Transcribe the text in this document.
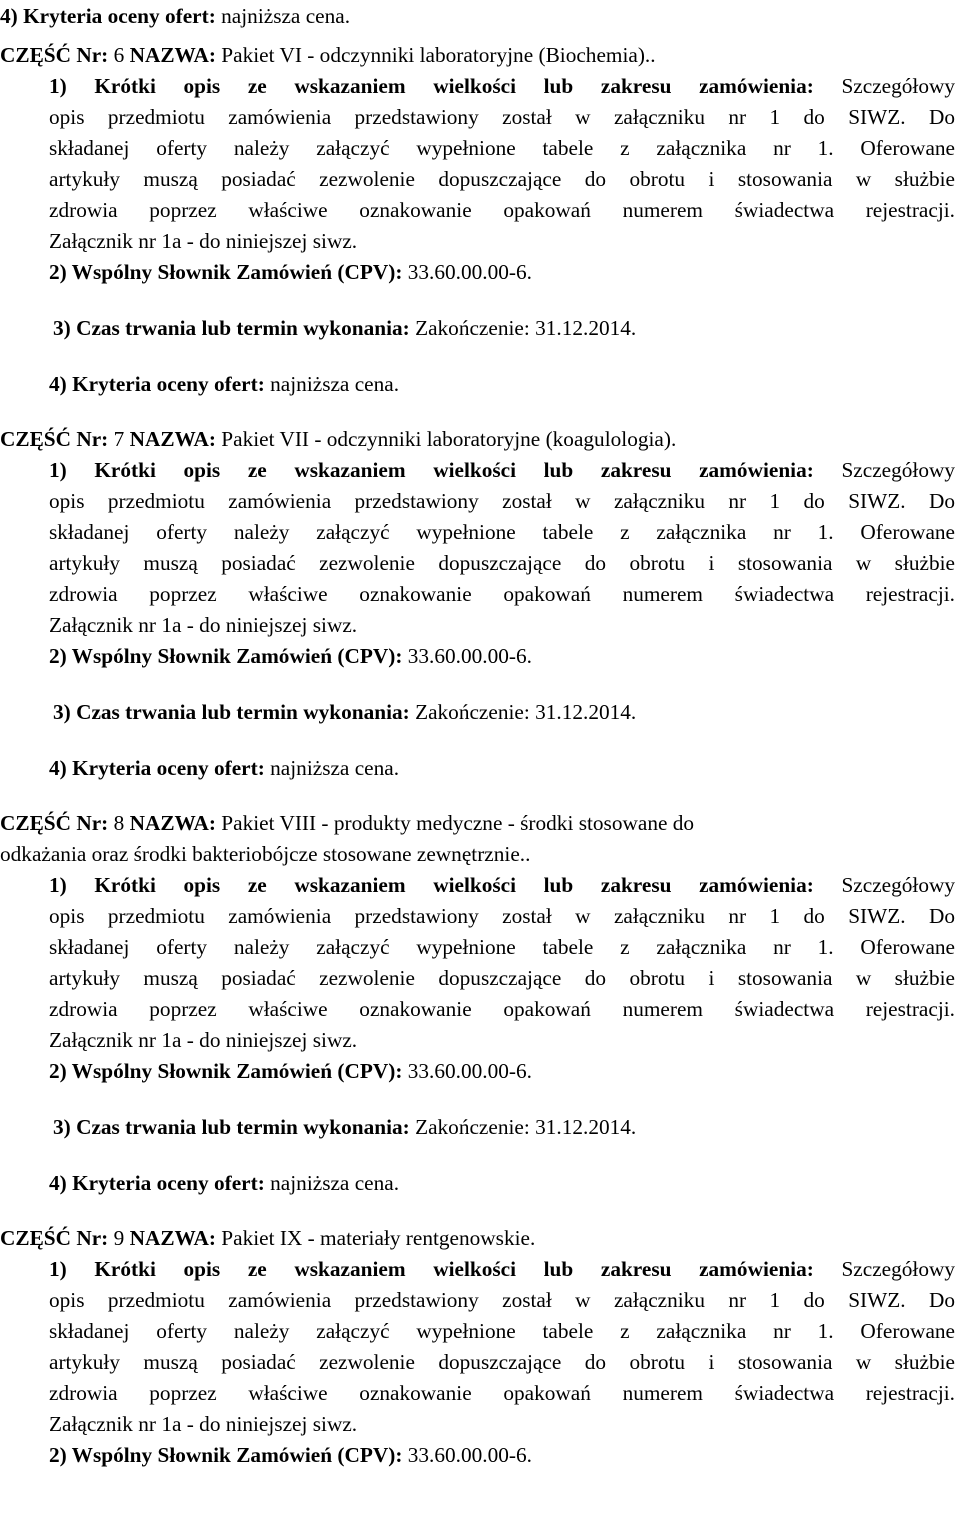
4) Kryteria oceny ofert: najniższa cena.
CZĘŚĆ Nr: 6 NAZWA: Pakiet VI - odczynniki laboratoryjne (Biochemia)..
1) Krótki opis ze wskazaniem wielkości lub zakresu zamówienia: Szczegółowy
opis przedmiotu zamówienia przedstawiony został w załączniku nr 1 do SIWZ. Do
składanej oferty należy załączyć wypełnione tabele z załącznika nr 1. Oferowane
artykuły muszą posiadać zezwolenie dopuszczające do obrotu i stosowania w służbie
zdrowia poprzez właściwe oznakowanie opakowań numerem świadectwa rejestracji.
Załącznik nr 1a - do niniejszej siwz.
2) Wspólny Słownik Zamówień (CPV): 33.60.00.00-6.
3) Czas trwania lub termin wykonania: Zakończenie: 31.12.2014.
4) Kryteria oceny ofert: najniższa cena.
CZĘŚĆ Nr: 7 NAZWA: Pakiet VII - odczynniki laboratoryjne (koagulologia).
1) Krótki opis ze wskazaniem wielkości lub zakresu zamówienia: Szczegółowy
opis przedmiotu zamówienia przedstawiony został w załączniku nr 1 do SIWZ. Do
składanej oferty należy załączyć wypełnione tabele z załącznika nr 1. Oferowane
artykuły muszą posiadać zezwolenie dopuszczające do obrotu i stosowania w służbie
zdrowia poprzez właściwe oznakowanie opakowań numerem świadectwa rejestracji.
Załącznik nr 1a - do niniejszej siwz.
2) Wspólny Słownik Zamówień (CPV): 33.60.00.00-6.
3) Czas trwania lub termin wykonania: Zakończenie: 31.12.2014.
4) Kryteria oceny ofert: najniższa cena.
CZĘŚĆ Nr: 8 NAZWA: Pakiet VIII - produkty medyczne - środki stosowane do
odkażania oraz środki bakteriobójcze stosowane zewnętrznie..
1) Krótki opis ze wskazaniem wielkości lub zakresu zamówienia: Szczegółowy
opis przedmiotu zamówienia przedstawiony został w załączniku nr 1 do SIWZ. Do
składanej oferty należy załączyć wypełnione tabele z załącznika nr 1. Oferowane
artykuły muszą posiadać zezwolenie dopuszczające do obrotu i stosowania w służbie
zdrowia poprzez właściwe oznakowanie opakowań numerem świadectwa rejestracji.
Załącznik nr 1a - do niniejszej siwz.
2) Wspólny Słownik Zamówień (CPV): 33.60.00.00-6.
3) Czas trwania lub termin wykonania: Zakończenie: 31.12.2014.
4) Kryteria oceny ofert: najniższa cena.
CZĘŚĆ Nr: 9 NAZWA: Pakiet IX - materiały rentgenowskie.
1) Krótki opis ze wskazaniem wielkości lub zakresu zamówienia: Szczegółowy
opis przedmiotu zamówienia przedstawiony został w załączniku nr 1 do SIWZ. Do
składanej oferty należy załączyć wypełnione tabele z załącznika nr 1. Oferowane
artykuły muszą posiadać zezwolenie dopuszczające do obrotu i stosowania w służbie
zdrowia poprzez właściwe oznakowanie opakowań numerem świadectwa rejestracji.
Załącznik nr 1a - do niniejszej siwz.
2) Wspólny Słownik Zamówień (CPV): 33.60.00.00-6.
